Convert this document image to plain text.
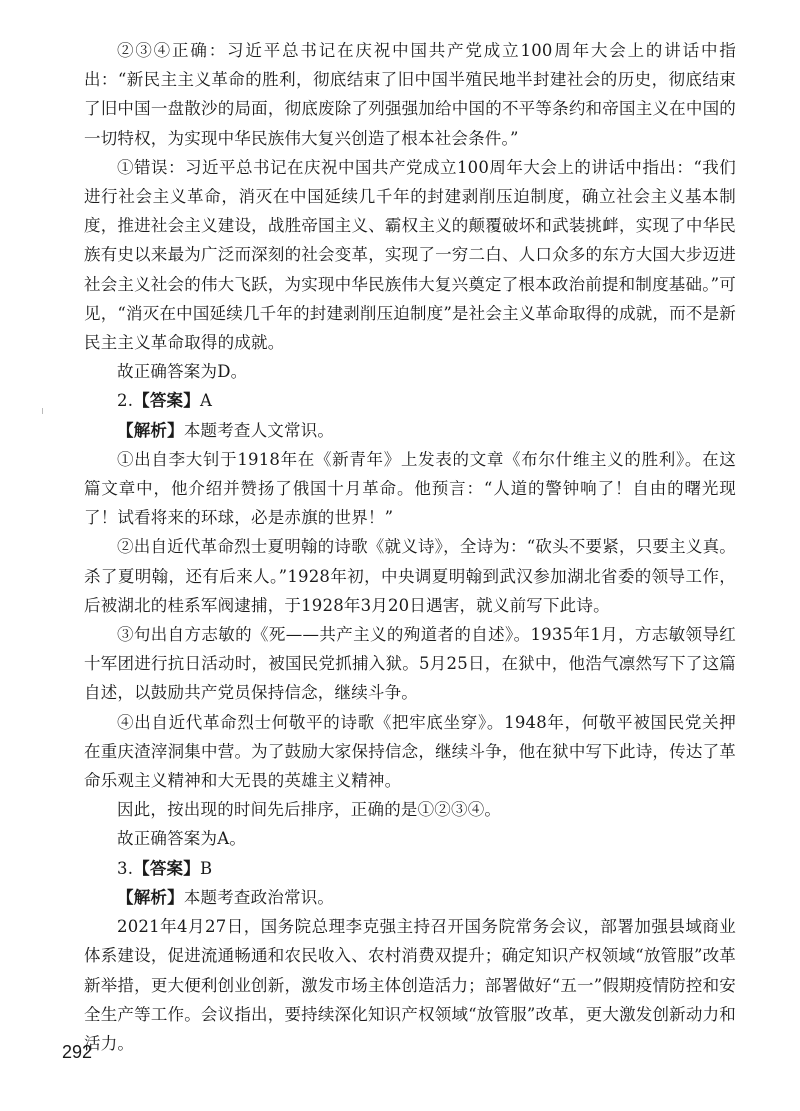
②③④正确：习近平总书记在庆祝中国共产党成立100周年大会上的讲话中指出：“新民主主义革命的胜利，彻底结束了旧中国半殖民地半封建社会的历史，彻底结束了旧中国一盘散沙的局面，彻底废除了列强强加给中国的不平等条约和帝国主义在中国的一切特权，为实现中华民族伟大复兴创造了根本社会条件。”

①错误：习近平总书记在庆祝中国共产党成立100周年大会上的讲话中指出：“我们进行社会主义革命，消灭在中国延续几千年的封建剥削压迫制度，确立社会主义基本制度，推进社会主义建设，战胜帝国主义、霸权主义的颠覆破坏和武装挑衅，实现了中华民族有史以来最为广泛而深刻的社会变革，实现了一穷二白、人口众多的东方大国大步迈进社会主义社会的伟大飞跃，为实现中华民族伟大复兴奠定了根本政治前提和制度基础。”可见，“消灭在中国延续几千年的封建剥削压迫制度”是社会主义革命取得的成就，而不是新民主主义革命取得的成就。

故正确答案为D。

2.【答案】A

【解析】本题考查人文常识。

①出自李大钊于1918年在《新青年》上发表的文章《布尔什维主义的胜利》。在这篇文章中，他介绍并赞扬了俄国十月革命。他预言：“人道的警钟响了！自由的曙光现了！试看将来的环球，必是赤旗的世界！”

②出自近代革命烈士夏明翰的诗歌《就义诗》，全诗为：“砍头不要紧，只要主义真。杀了夏明翰，还有后来人。”1928年初，中央调夏明翰到武汉参加湖北省委的领导工作，后被湖北的桂系军阀逮捕，于1928年3月20日遇害，就义前写下此诗。

③句出自方志敏的《死——共产主义的殉道者的自述》。1935年1月，方志敏领导红十军团进行抗日活动时，被国民党抓捕入狱。5月25日，在狱中，他浩气凛然写下了这篇自述，以鼓励共产党员保持信念，继续斗争。

④出自近代革命烈士何敬平的诗歌《把牢底坐穿》。1948年，何敬平被国民党关押在重庆渣滓洞集中营。为了鼓励大家保持信念，继续斗争，他在狱中写下此诗，传达了革命乐观主义精神和大无畏的英雄主义精神。

因此，按出现的时间先后排序，正确的是①②③④。

故正确答案为A。

3.【答案】B

【解析】本题考查政治常识。

2021年4月27日，国务院总理李克强主持召开国务院常务会议，部署加强县域商业体系建设，促进流通畅通和农民收入、农村消费双提升；确定知识产权领域“放管服”改革新举措，更大便利创业创新，激发市场主体创造活力；部署做好“五一”假期疫情防控和安全生产等工作。会议指出，要持续深化知识产权领域“放管服”改革，更大激发创新动力和活力。

292
